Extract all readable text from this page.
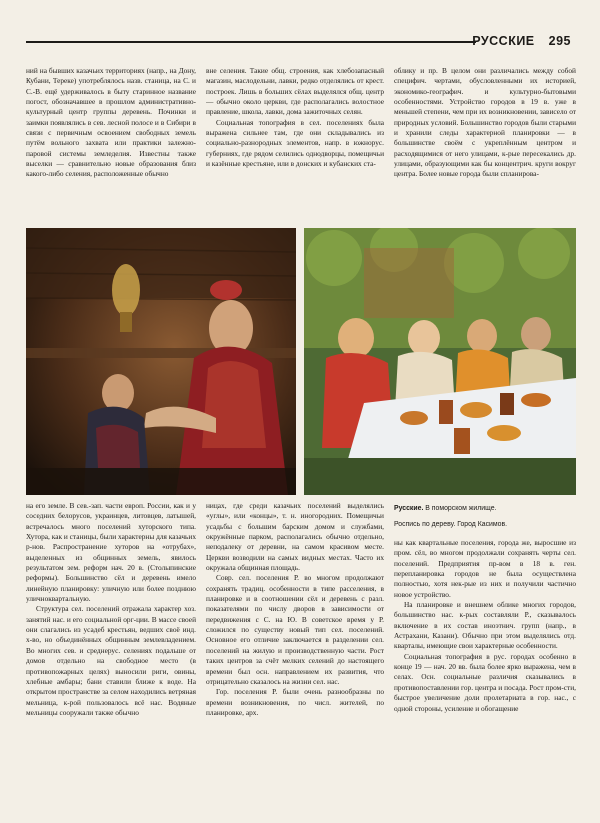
РУССКИЕ 295

ний на бывших казачьих территориях (напр., на Дону, Кубани, Тереке) употреблялось назв. станица, на С. и С.-В. ещё удерживалось в быту старинное название погост, обозначавшее в прошлом административно-культурный центр группы деревень. Починки и заимки появлялись в сев. лесной полосе и в Сибири в связи с первичным освоением свободных земель путём вольного захвата или практики залежно-паровой системы земледелия. Известны также выселки — сравнительно новые образования близ какого-либо селения, расположенные обычно

вне селения. Такие общ. строения, как хлебозапасный магазин, маслодельни, лавки, редко отделялись от крест. построек. Лишь в больших сёлах выделялся общ. центр — обычно около церкви, где располагались волостное правление, школа, лавки, дома зажиточных селян.

Социальная топография в сел. поселениях была выражена сильнее там, где они складывались из социально-разнородных элементов, напр. в южнорус. губерниях, где рядом селились однодворцы, помещичьи и казённые крестьяне, или в донских и кубанских ста-

облику и пр. В целом они различались между собой специфич. чертами, обусловленными их историей, экономико-географич. и культурно-бытовыми особенностями. Устройство городов в 19 в. уже в меньшей степени, чем при их возникновении, зависело от природных условий. Большинство городов были старыми и хранили следы характерной планировки — в большинстве своём с укреплённым центром и расходящимися от него улицами, к-рые пересекались др. улицами, образующими как бы концентрич. круги вокруг центра. Более новые города были спланирова-

на его земле. В сев.-зап. части европ. России, как и у соседних белорусов, украинцев, литовцев, латышей, встречалось много поселений хуторского типа. Хутора, как и станицы, были характерны для казачьих р-нов. Распространение хуторов на «отрубах», выделенных из общинных земель, явилось результатом зем. реформ нач. 20 в. (Столыпинские реформы). Большинство сёл и деревень имело линейную планировку: уличную или более позднюю уличноквартальную.

Структура сел. поселений отражала характер хоз. занятий нас. и его социальной орг-ции. В массе своей они слагались из усадеб крестьян, ведших своё инд. х-во, но объединённых общинным землевладением. Во многих сев. и среднерус. селениях подальше от домов отдельно на свободное место (в противопожарных целях) выносили риги, овины, хлебные амбары; бани ставили ближе к воде. На открытом пространстве за селом находились ветряная мельница, к-рой пользовалось всё нас. Водяные мельницы сооружали также обычно

ницах, где среди казачьих поселений выделялись «углы», или «концы», т. н. иногородних. Помещичьи усадьбы с большим барским домом и службами, окружённые парком, располагались обычно отдельно, неподалеку от деревни, на самом красивом месте. Церкви возводили на самых видных местах. Часто их окружала общинная площадь.

Совр. сел. поселения Р. во многом продолжают сохранять традиц. особенности в типе расселения, в планировке и в соотношении сёл и деревень с разл. показателями по числу дворов в зависимости от передвижения с С. на Ю. В советское время у Р. сложился по существу новый тип сел. поселений. Основное его отличие заключается в разделении сел. поселений на жилую и производственную части. Рост таких центров за счёт мелких селений до настоящего времени был осн. направлением их развития, что отрицательно сказалось на жизни сел. нас.

Гор. поселения Р. были очень разнообразны по времени возникновения, по числ. жителей, по планировке, арх.

Русские. В поморском жилище.
Роспись по дереву. Город Касимов.

ны как квартальные поселения, города же, выросшие из пром. сёл, во многом продолжали сохранять черты сел. поселений. Предприятия пр-вом в 18 в. ген. перепланировка городов не была осуществлена полностью, хотя нек-рые из них и получили частично новое устройство.

На планировке и внешнем облике многих городов, большинство нас. к-рых составляли Р., сказывалось включение в их состав иноэтнич. групп (напр., в Астрахани, Казани). Обычно при этом выделялись отд. кварталы, имеющие свои характерные особенности.

Социальная топография в рус. городах особенно в конце 19 — нач. 20 вв. была более ярко выражена, чем в селах. Осн. социальные различия сказывались в противопоставлении гор. центра и посада. Рост пром-сти, быстрое увеличение доли пролетариата в гор. нас., с одной стороны, усиление и обогащение
